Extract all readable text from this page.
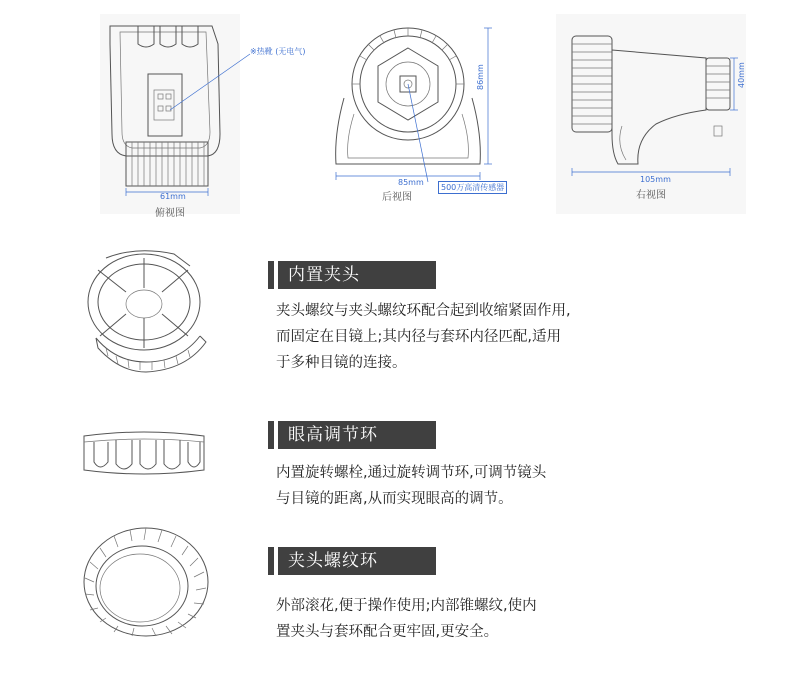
※热靴 (无电气)
61mm
俯视图
86mm
85mm
500万高清传感器
后视图
40mm
105mm
右视图
内置夹头
夹头螺纹与夹头螺纹环配合起到收缩紧固作用,
而固定在目镜上;其内径与套环内径匹配,适用
于多种目镜的连接。
眼高调节环
内置旋转螺栓,通过旋转调节环,可调节镜头
与目镜的距离,从而实现眼高的调节。
夹头螺纹环
外部滚花,便于操作使用;内部锥螺纹,使内
置夹头与套环配合更牢固,更安全。
